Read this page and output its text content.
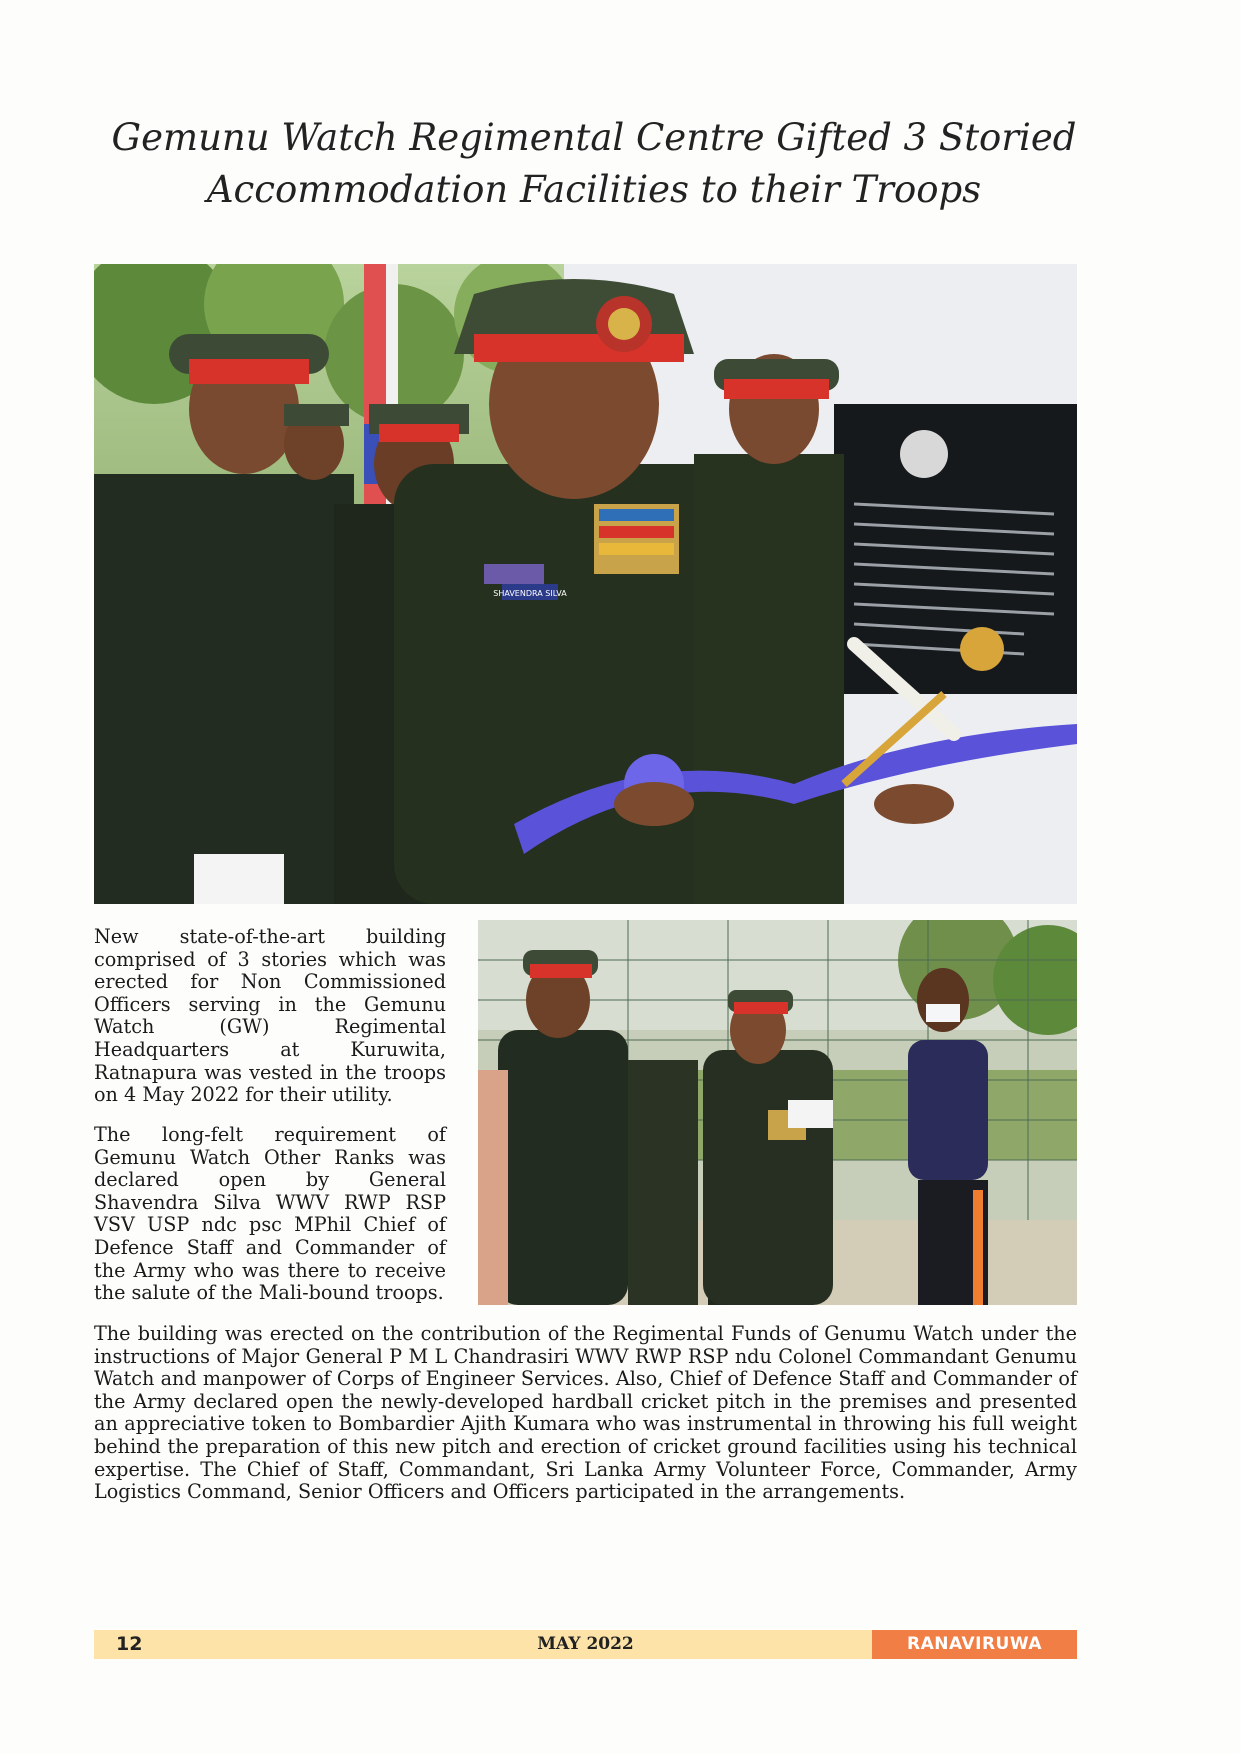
Gemunu Watch Regimental Centre Gifted 3 Storied
Accommodation Facilities to their Troops
SHAVENDRA SILVA

New state-of-the-art building comprised of 3 stories which was erected for Non Commissioned Officers serving in the Gemunu Watch (GW) Regimental Headquarters at Kuruwita, Ratnapura was vested in the troops on 4 May 2022 for their utility.

The long-felt requirement of Gemunu Watch Other Ranks was declared open by General Shavendra Silva WWV RWP RSP VSV USP ndc psc MPhil Chief of Defence Staff and Commander of the Army who was there to receive the salute of the Mali-bound troops.

The building was erected on the contribution of the Regimental Funds of Genumu Watch under the instructions of Major General P M L Chandrasiri WWV RWP RSP ndu Colonel Commandant Genumu Watch and manpower of Corps of Engineer Services. Also, Chief of Defence Staff and Commander of the Army declared open the newly-developed hardball cricket pitch in the premises and presented an appreciative token to Bombardier Ajith Kumara who was instrumental in throwing his full weight behind the preparation of this new pitch and erection of cricket ground facilities using his technical expertise. The Chief of Staff, Commandant, Sri Lanka Army Volunteer Force, Commander, Army Logistics Command, Senior Officers and Officers participated in the arrangements.

12	MAY 2022	RANAVIRUWA
